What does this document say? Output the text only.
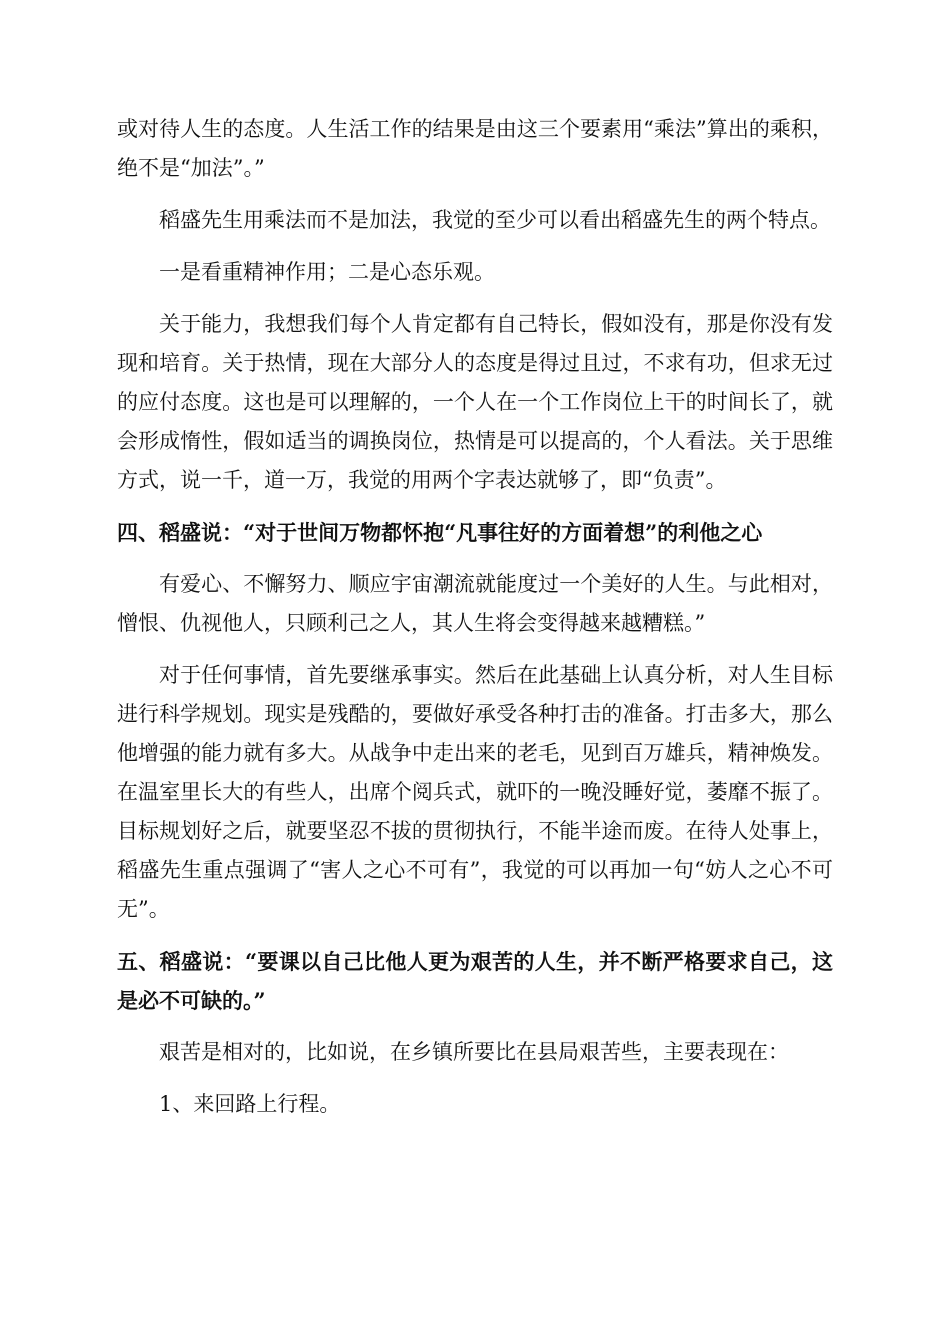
或对待人生的态度。人生活工作的结果是由这三个要素用“乘法”算出的乘积，绝不是“加法”。”

稻盛先生用乘法而不是加法，我觉的至少可以看出稻盛先生的两个特点。

一是看重精神作用；二是心态乐观。

关于能力，我想我们每个人肯定都有自己特长，假如没有，那是你没有发现和培育。关于热情，现在大部分人的态度是得过且过，不求有功，但求无过的应付态度。这也是可以理解的，一个人在一个工作岗位上干的时间长了，就会形成惰性，假如适当的调换岗位，热情是可以提高的，个人看法。关于思维方式，说一千，道一万，我觉的用两个字表达就够了，即“负责”。

四、稻盛说：“对于世间万物都怀抱“凡事往好的方面着想”的利他之心

有爱心、不懈努力、顺应宇宙潮流就能度过一个美好的人生。与此相对，憎恨、仇视他人，只顾利己之人，其人生将会变得越来越糟糕。”

对于任何事情，首先要继承事实。然后在此基础上认真分析，对人生目标进行科学规划。现实是残酷的，要做好承受各种打击的准备。打击多大，那么他增强的能力就有多大。从战争中走出来的老毛，见到百万雄兵，精神焕发。在温室里长大的有些人，出席个阅兵式，就吓的一晚没睡好觉，萎靡不振了。目标规划好之后，就要坚忍不拔的贯彻执行，不能半途而废。在待人处事上，稻盛先生重点强调了“害人之心不可有”，我觉的可以再加一句“妨人之心不可无”。

五、稻盛说：“要课以自己比他人更为艰苦的人生，并不断严格要求自己，这是必不可缺的。”

艰苦是相对的，比如说，在乡镇所要比在县局艰苦些，主要表现在：

1、来回路上行程。
